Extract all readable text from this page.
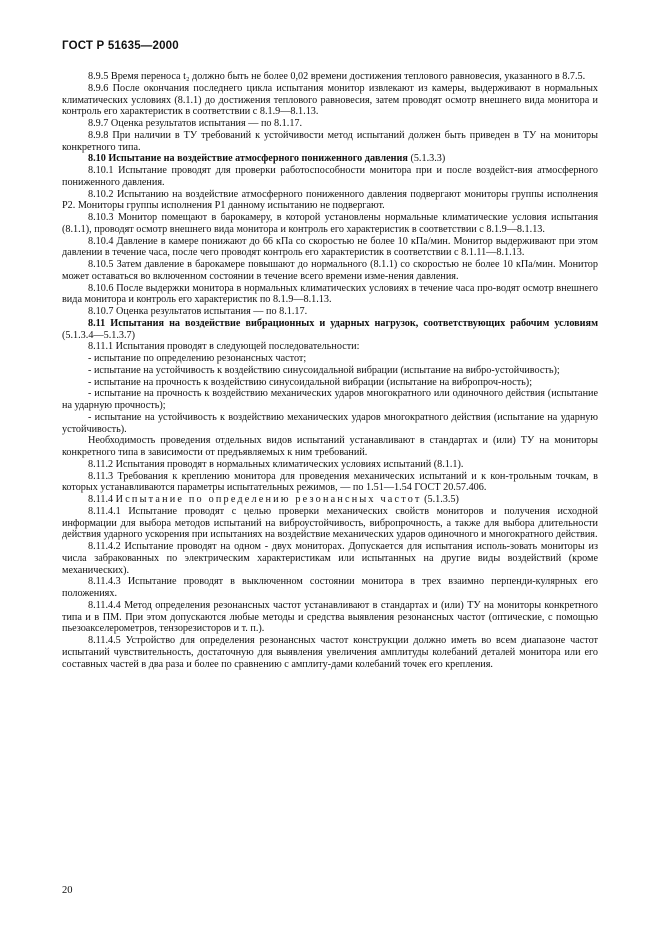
ГОСТ Р 51635—2000

8.9.5 Время переноса t₂ должно быть не более 0,02 времени достижения теплового равновесия, указанного в 8.7.5.

8.9.6 После окончания последнего цикла испытания монитор извлекают из камеры, выдерживают в нормальных климатических условиях (8.1.1) до достижения теплового равновесия, затем проводят осмотр внешнего вида монитора и контроль его характеристик в соответствии с 8.1.9—8.1.13.

8.9.7 Оценка результатов испытания — по 8.1.17.

8.9.8 При наличии в ТУ требований к устойчивости метод испытаний должен быть приведен в ТУ на мониторы конкретного типа.

8.10 Испытание на воздействие атмосферного пониженного давления (5.1.3.3)

8.10.1 Испытание проводят для проверки работоспособности монитора при и после воздейст-вия атмосферного пониженного давления.

8.10.2 Испытанию на воздействие атмосферного пониженного давления подвергают мониторы группы исполнения Р2. Мониторы группы исполнения Р1 данному испытанию не подвергают.

8.10.3 Монитор помещают в барокамеру, в которой установлены нормальные климатические условия испытания (8.1.1), проводят осмотр внешнего вида монитора и контроль его характеристик в соответствии с 8.1.9—8.1.13.

8.10.4 Давление в камере понижают до 66 кПа со скоростью не более 10 кПа/мин. Монитор выдерживают при этом давлении в течение часа, после чего проводят контроль его характеристик в соответствии с 8.1.11—8.1.13.

8.10.5 Затем давление в барокамере повышают до нормального (8.1.1) со скоростью не более 10 кПа/мин. Монитор может оставаться во включенном состоянии в течение всего времени изме-нения давления.

8.10.6 После выдержки монитора в нормальных климатических условиях в течение часа про-водят осмотр внешнего вида монитора и контроль его характеристик по 8.1.9—8.1.13.

8.10.7 Оценка результатов испытания — по 8.1.17.

8.11 Испытания на воздействие вибрационных и ударных нагрузок, соответствующих рабочим условиям (5.1.3.4—5.1.3.7)

8.11.1 Испытания проводят в следующей последовательности:

- испытание по определению резонансных частот;

- испытание на устойчивость к воздействию синусоидальной вибрации (испытание на вибро-устойчивость);

- испытание на прочность к воздействию синусоидальной вибрации (испытание на вибропроч-ность);

- испытание на прочность к воздействию механических ударов многократного или одиночного действия (испытание на ударную прочность);

- испытание на устойчивость к воздействию механических ударов многократного действия (испытание на ударную устойчивость).

Необходимость проведения отдельных видов испытаний устанавливают в стандартах и (или) ТУ на мониторы конкретного типа в зависимости от предъявляемых к ним требований.

8.11.2 Испытания проводят в нормальных климатических условиях испытаний (8.1.1).

8.11.3 Требования к креплению монитора для проведения механических испытаний и к кон-трольным точкам, в которых устанавливаются параметры испытательных режимов, — по 1.51—1.54 ГОСТ 20.57.406.

8.11.4 Испытание по определению резонансных частот (5.1.3.5)

8.11.4.1 Испытание проводят с целью проверки механических свойств мониторов и получения исходной информации для выбора методов испытаний на виброустойчивость, вибропрочность, а также для выбора длительности действия ударного ускорения при испытаниях на воздействие механических ударов одиночного и многократного действия.

8.11.4.2 Испытание проводят на одном - двух мониторах. Допускается для испытания исполь-зовать мониторы из числа забракованных по электрическим характеристикам или испытанных на другие виды воздействий (кроме механических).

8.11.4.3 Испытание проводят в выключенном состоянии монитора в трех взаимно перпенди-кулярных его положениях.

8.11.4.4 Метод определения резонансных частот устанавливают в стандартах и (или) ТУ на мониторы конкретного типа и в ПМ. При этом допускаются любые методы и средства выявления резонансных частот (оптические, с помощью пьезоакселерометров, тензорезисторов и т. п.).

8.11.4.5 Устройство для определения резонансных частот конструкции должно иметь во всем диапазоне частот испытаний чувствительность, достаточную для выявления увеличения амплитуды колебаний деталей монитора или его составных частей в два раза и более по сравнению с амплиту-дами колебаний точек его крепления.

20
